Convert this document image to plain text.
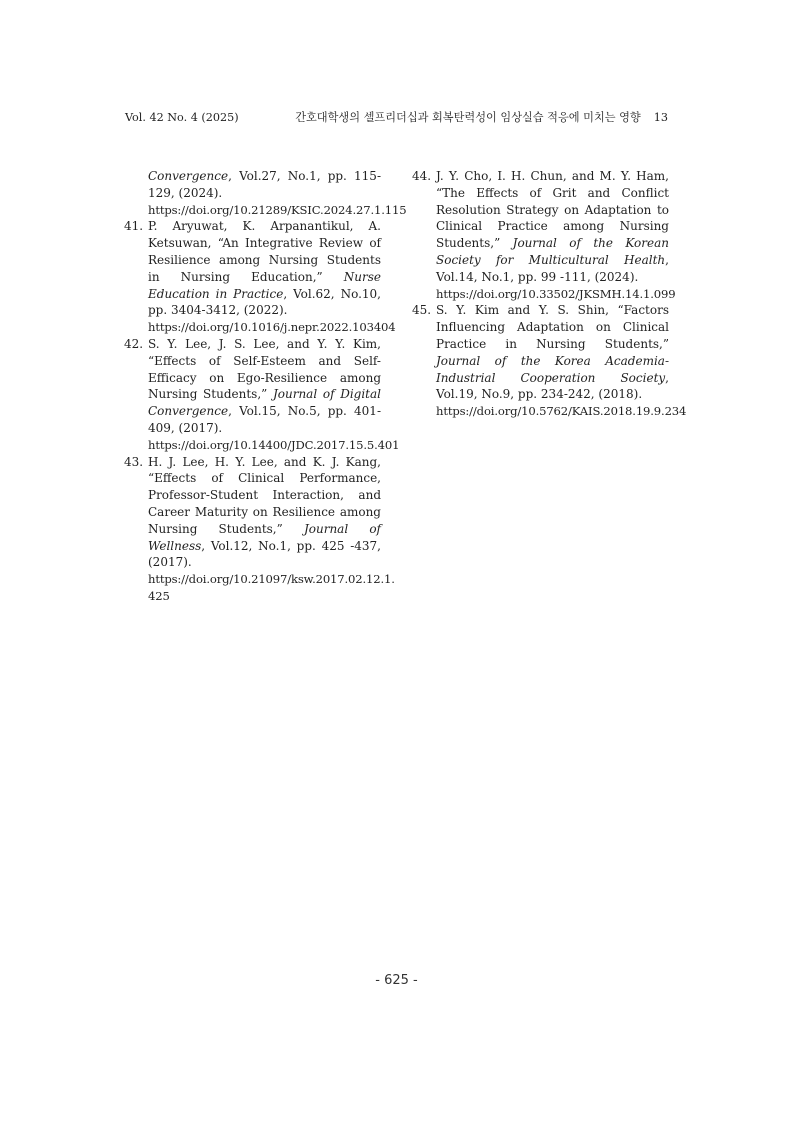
Vol. 42 No. 4 (2025)	간호대학생의 셀프리더십과 회복탄력성이 임상실습 적응에 미치는 영향 13
Convergence, Vol.27, No.1, pp. 115-129, (2024).
https://doi.org/10.21289/KSIC.2024.27.1.115
41. P. Aryuwat, K. Arpanantikul, A. Ketsuwan, “An Integrative Review of Resilience among Nursing Students in Nursing Education,” Nurse Education in Practice, Vol.62, No.10, pp. 3404-3412, (2022).
https://doi.org/10.1016/j.nepr.2022.103404
42. S. Y. Lee, J. S. Lee, and Y. Y. Kim, “Effects of Self-Esteem and Self-Efficacy on Ego-Resilience among Nursing Students,” Journal of Digital Convergence, Vol.15, No.5, pp. 401-409, (2017).
https://doi.org/10.14400/JDC.2017.15.5.401
43. H. J. Lee, H. Y. Lee, and K. J. Kang, “Effects of Clinical Performance, Professor-Student Interaction, and Career Maturity on Resilience among Nursing Students,” Journal of Wellness, Vol.12, No.1, pp. 425 -437, (2017).
https://doi.org/10.21097/ksw.2017.02.12.1.
425
44. J. Y. Cho, I. H. Chun, and M. Y. Ham, “The Effects of Grit and Conflict Resolution Strategy on Adaptation to Clinical Practice among Nursing Students,” Journal of the Korean Society for Multicultural Health, Vol.14, No.1, pp. 99 -111, (2024).
https://doi.org/10.33502/JKSMH.14.1.099
45. S. Y. Kim and Y. S. Shin, “Factors Influencing Adaptation on Clinical Practice in Nursing Students,” Journal of the Korea Academia-Industrial Cooperation Society, Vol.19, No.9, pp. 234-242, (2018).
https://doi.org/10.5762/KAIS.2018.19.9.234
- 625 -
